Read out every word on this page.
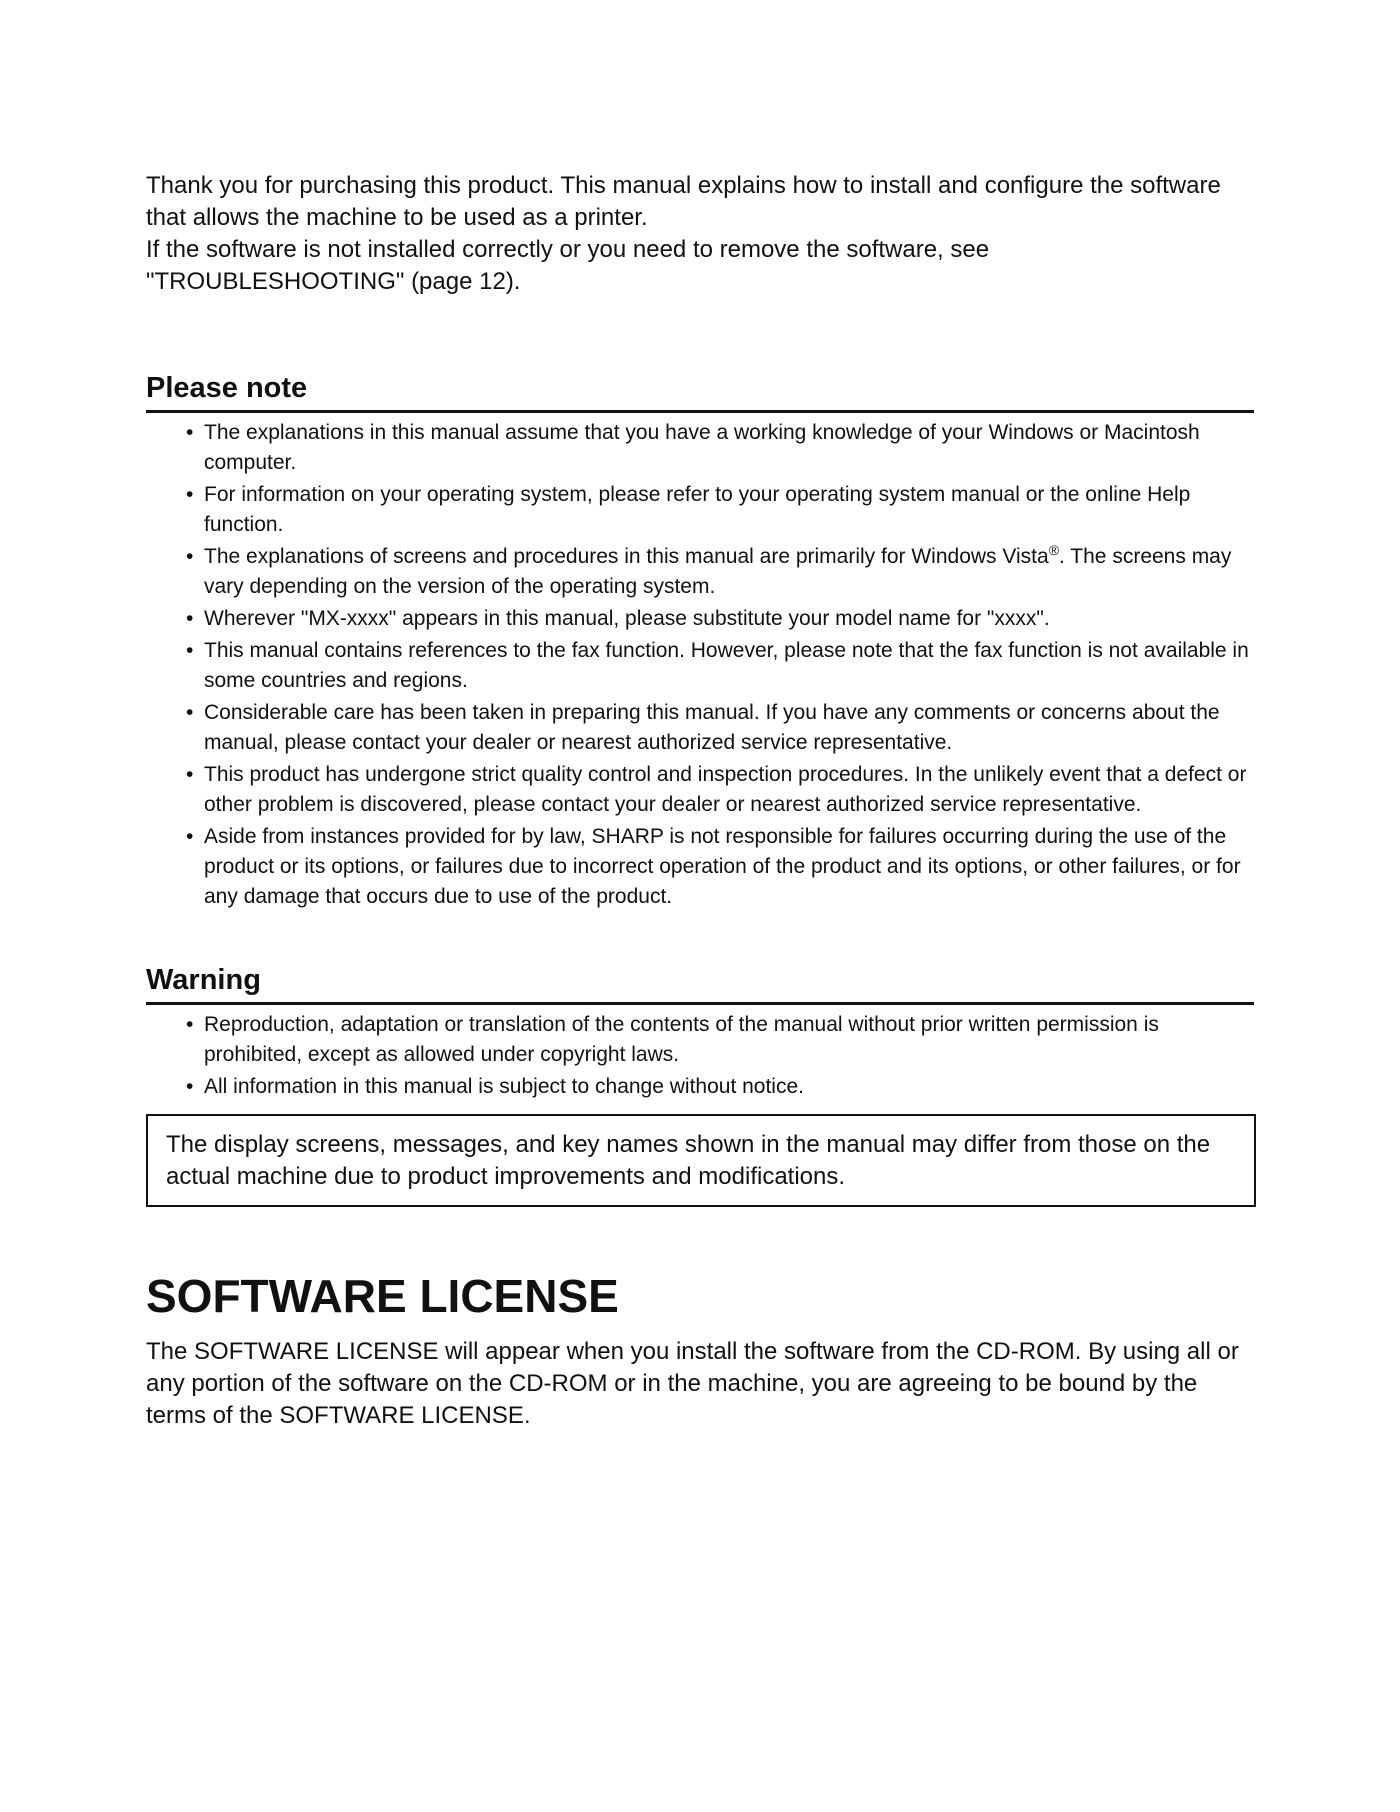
Thank you for purchasing this product. This manual explains how to install and configure the software that allows the machine to be used as a printer.

If the software is not installed correctly or you need to remove the software, see "TROUBLESHOOTING" (page 12).

Please note
• The explanations in this manual assume that you have a working knowledge of your Windows or Macintosh computer.
• For information on your operating system, please refer to your operating system manual or the online Help function.
• The explanations of screens and procedures in this manual are primarily for Windows Vista®. The screens may vary depending on the version of the operating system.
• Wherever "MX-xxxx" appears in this manual, please substitute your model name for "xxxx".
• This manual contains references to the fax function. However, please note that the fax function is not available in some countries and regions.
• Considerable care has been taken in preparing this manual. If you have any comments or concerns about the manual, please contact your dealer or nearest authorized service representative.
• This product has undergone strict quality control and inspection procedures. In the unlikely event that a defect or other problem is discovered, please contact your dealer or nearest authorized service representative.
• Aside from instances provided for by law, SHARP is not responsible for failures occurring during the use of the product or its options, or failures due to incorrect operation of the product and its options, or other failures, or for any damage that occurs due to use of the product.
Warning
• Reproduction, adaptation or translation of the contents of the manual without prior written permission is prohibited, except as allowed under copyright laws.
• All information in this manual is subject to change without notice.
The display screens, messages, and key names shown in the manual may differ from those on the actual machine due to product improvements and modifications.
SOFTWARE LICENSE

The SOFTWARE LICENSE will appear when you install the software from the CD-ROM. By using all or any portion of the software on the CD-ROM or in the machine, you are agreeing to be bound by the terms of the SOFTWARE LICENSE.
